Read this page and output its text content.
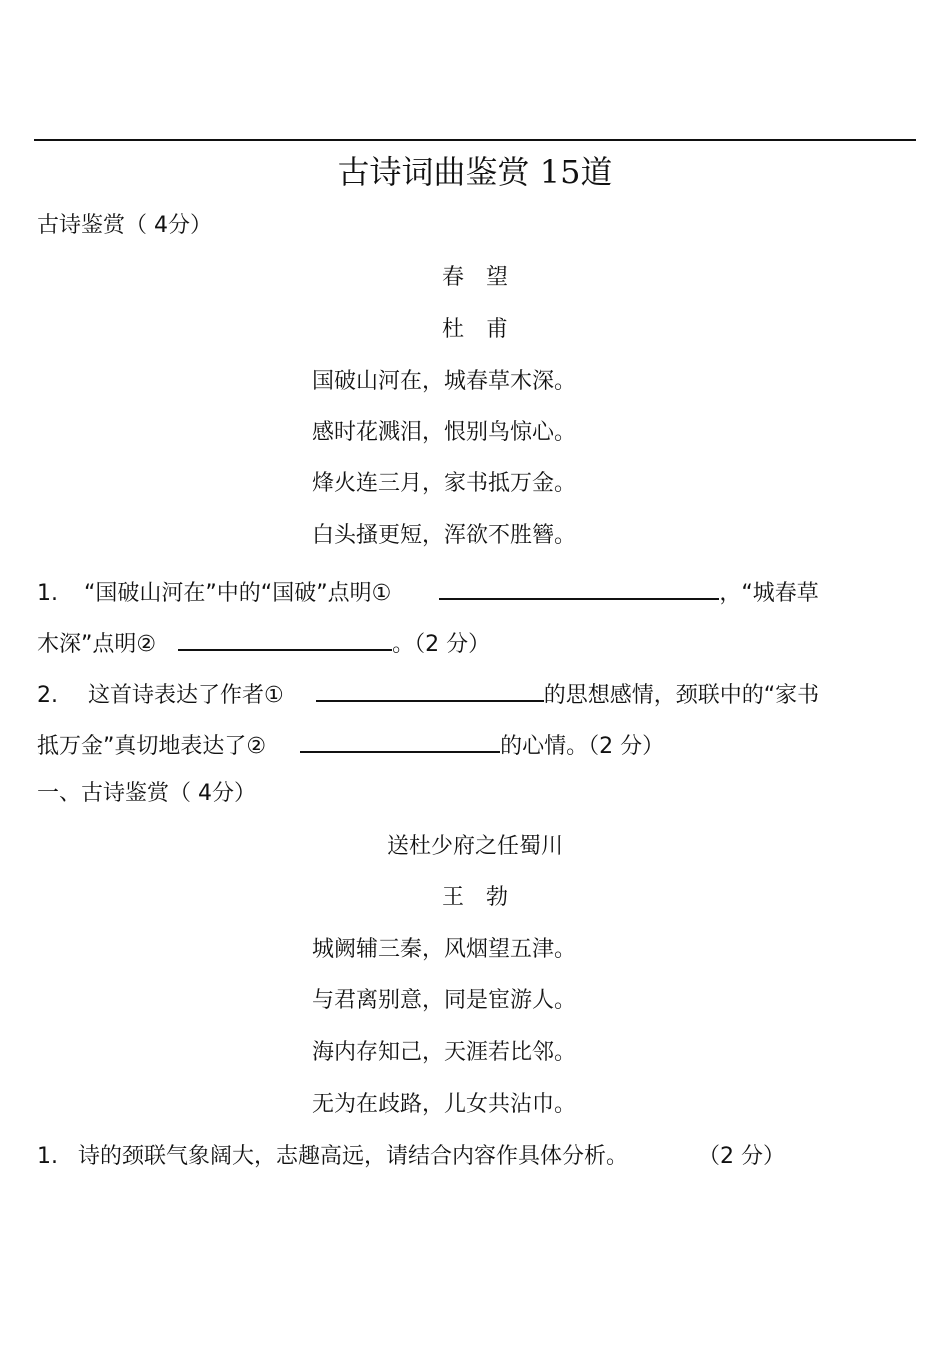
古诗词曲鉴赏 15道
古诗鉴赏（ 4分）
春　望
杜　甫
国破山河在，城春草木深。
感时花溅泪，恨别鸟惊心。
烽火连三月，家书抵万金。
白头搔更短，浑欲不胜簪。
1. “国破山河在”中的“国破”点明①	，“城春草
木深”点明②	。（2 分）
2. 这首诗表达了作者①	的思想感情，颈联中的“家书
抵万金”真切地表达了②	的心情。（2 分）
一、古诗鉴赏（ 4分）
送杜少府之任蜀川
王　勃
城阙辅三秦，风烟望五津。
与君离别意，同是宦游人。
海内存知己，天涯若比邻。
无为在歧路，儿女共沾巾。
1. 诗的颈联气象阔大，志趣高远，请结合内容作具体分析。	（2 分）
